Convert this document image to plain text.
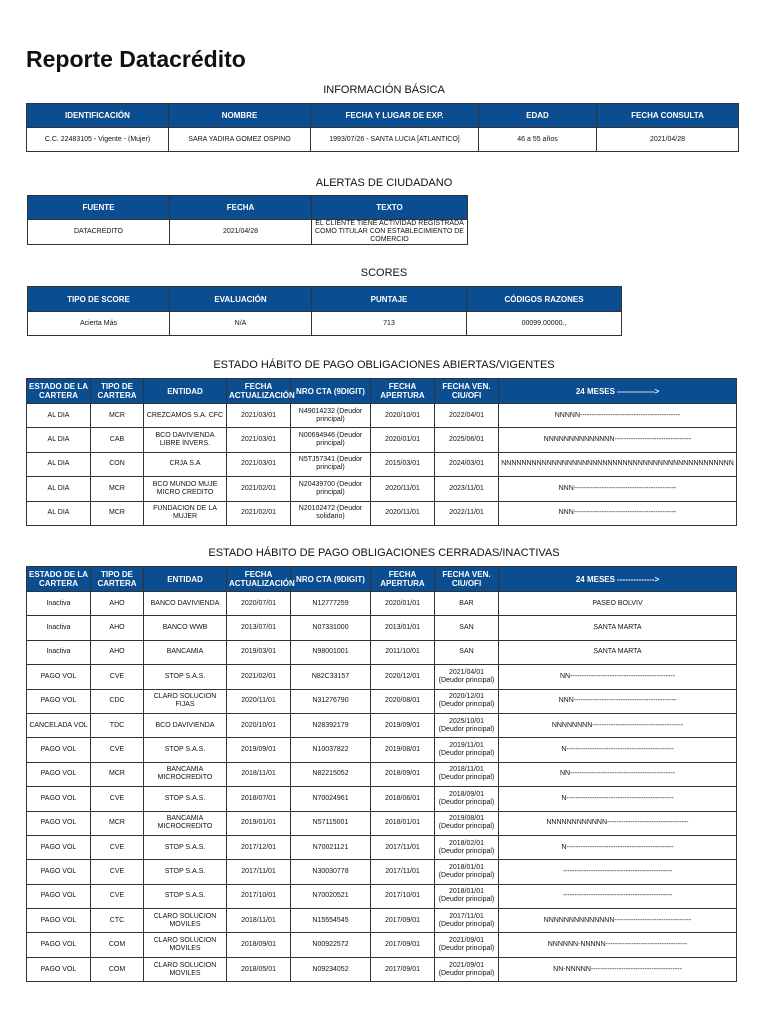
Reporte Datacrédito
INFORMACIÓN BÁSICA
IDENTIFICACIÓN	NOMBRE	FECHA Y LUGAR DE EXP.	EDAD	FECHA CONSULTA
C.C. 22483105 - Vigente - (Mujer)	SARA YADIRA GOMEZ OSPINO	1993/07/26 - SANTA LUCIA [ATLANTICO]	46 a 55 años	2021/04/28
ALERTAS DE CIUDADANO
FUENTE	FECHA	TEXTO
DATACREDITO	2021/04/28	EL CLIENTE TIENE ACTIVIDAD REGISTRADA COMO TITULAR CON ESTABLECIMIENTO DE COMERCIO
SCORES
TIPO DE SCORE	EVALUACIÓN	PUNTAJE	CÓDIGOS RAZONES
Acierta Más	N/A	713	00099.00000.,
ESTADO HÁBITO DE PAGO OBLIGACIONES ABIERTAS/VIGENTES
ESTADO DE LA CARTERA	TIPO DE CARTERA	ENTIDAD	FECHA ACTUALIZACIÓN	NRO CTA (9DIGIT)	FECHA APERTURA	FECHA VEN. CIU/OFI	24 MESES -------------->
AL DIA	MCR	CREZCAMOS S.A. CFC	2021/03/01	N49014232 (Deudor principal)	2020/10/01	2022/04/01	NNNNN-------------------------------------------
AL DIA	CAB	BCO DAVIVIENDA LIBRE INVERS.	2021/03/01	N00694946 (Deudor principal)	2020/01/01	2025/06/01	NNNNNNNNNNNNNN---------------------------------
AL DIA	CON	CRJA S.A	2021/03/01	N5TJ57341 (Deudor principal)	2015/03/01	2024/03/01	NNNNNNNNNNNNNNNNNNNNNNNNNNNNNNNNNNNNNNNNNNNNNN
AL DIA	MCR	BCO MUNDO MUJE MICRO CREDITO	2021/02/01	N20439700 (Deudor principal)	2020/11/01	2023/11/01	NNN--------------------------------------------
AL DIA	MCR	FUNDACION DE LA MUJER	2021/02/01	N20102472 (Deudor solidario)	2020/11/01	2022/11/01	NNN--------------------------------------------
ESTADO HÁBITO DE PAGO OBLIGACIONES CERRADAS/INACTIVAS
ESTADO DE LA CARTERA	TIPO DE CARTERA	ENTIDAD	FECHA ACTUALIZACIÓN	NRO CTA (9DIGIT)	FECHA APERTURA	FECHA VEN. CIU/OFI	24 MESES -------------->
Inactiva	AHO	BANCO DAVIVIENDA	2020/07/01	N12777259	2020/01/01	BAR	PASEO BOLVIV
Inactiva	AHO	BANCO WWB	2013/07/01	N07331000	2013/01/01	SAN	SANTA MARTA
Inactiva	AHO	BANCAMIA	2019/03/01	N98001001	2011/10/01	SAN	SANTA MARTA
PAGO VOL	CVE	STOP S.A.S.	2021/02/01	N82C33157	2020/12/01	2021/04/01 (Deudor principal)	NN---------------------------------------------
PAGO VOL	CDC	CLARO SOLUCION FIJAS	2020/11/01	N31276790	2020/08/01	2020/12/01 (Deudor principal)	NNN--------------------------------------------
CANCELADA VOL	TDC	BCO DAVIVIENDA	2020/10/01	N28392179	2019/09/01	2025/10/01 (Deudor principal)	NNNNNNNN---------------------------------------
PAGO VOL	CVE	STOP S.A.S.	2019/09/01	N10037822	2019/08/01	2019/11/01 (Deudor principal)	N----------------------------------------------
PAGO VOL	MCR	BANCAMIA MICROCREDITO	2018/11/01	N82215052	2018/09/01	2018/11/01 (Deudor principal)	NN---------------------------------------------
PAGO VOL	CVE	STOP S.A.S.	2018/07/01	N70024961	2018/06/01	2018/09/01 (Deudor principal)	N----------------------------------------------
PAGO VOL	MCR	BANCAMIA MICROCREDITO	2019/01/01	N57115001	2018/01/01	2019/08/01 (Deudor principal)	NNNNNNNNNNNN-----------------------------------
PAGO VOL	CVE	STOP S.A.S.	2017/12/01	N70021121	2017/11/01	2018/02/01 (Deudor principal)	N----------------------------------------------
PAGO VOL	CVE	STOP S.A.S.	2017/11/01	N30030778	2017/11/01	2018/01/01 (Deudor principal)	-----------------------------------------------
PAGO VOL	CVE	STOP S.A.S.	2017/10/01	N70020521	2017/10/01	2018/01/01 (Deudor principal)	-----------------------------------------------
PAGO VOL	CTC	CLARO SOLUCION MOVILES	2018/11/01	N15554545	2017/09/01	2017/11/01 (Deudor principal)	NNNNNNNNNNNNNN---------------------------------
PAGO VOL	COM	CLARO SOLUCION MOVILES	2018/09/01	N00922572	2017/09/01	2021/09/01 (Deudor principal)	NNNNNN-NNNNN-----------------------------------
PAGO VOL	COM	CLARO SOLUCION MOVILES	2018/05/01	N09234052	2017/09/01	2021/09/01 (Deudor principal)	NN-NNNNN---------------------------------------
